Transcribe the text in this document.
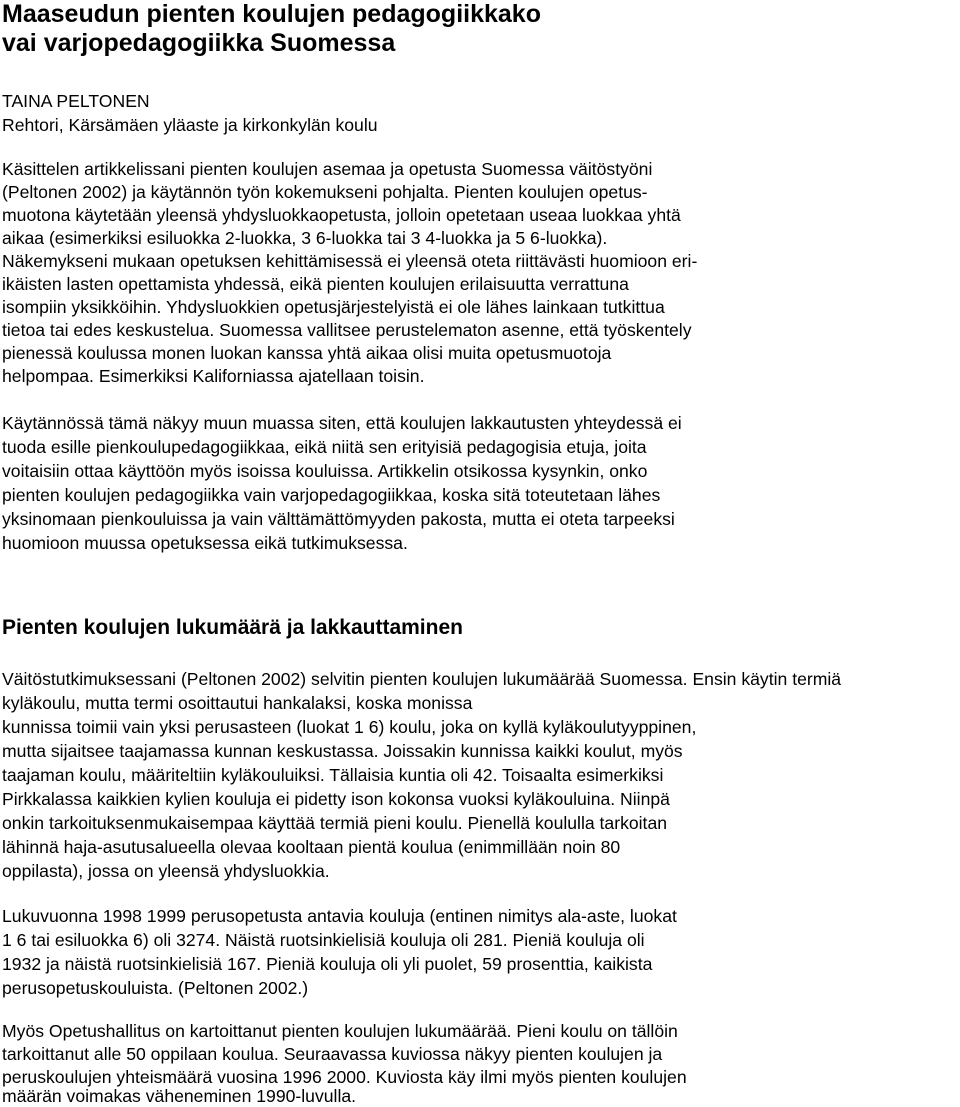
Maaseudun pienten koulujen pedagogiikkako
vai varjopedagogiikka Suomessa

TAINA PELTONEN

Rehtori, Kärsämäen yläaste ja kirkonkylän koulu

Käsittelen artikkelissani pienten koulujen asemaa ja opetusta Suomessa väitöstyöni

(Peltonen 2002) ja käytännön työn kokemukseni pohjalta. Pienten koulujen opetus-

muotona käytetään yleensä yhdysluokkaopetusta, jolloin opetetaan useaa luokkaa yhtä

aikaa (esimerkiksi esiluokka 2-luokka, 3 6-luokka tai 3 4-luokka ja 5 6-luokka).

Näkemykseni mukaan opetuksen kehittämisessä ei yleensä oteta riittävästi huomioon eri-

ikäisten lasten opettamista yhdessä, eikä pienten koulujen erilaisuutta verrattuna

isompiin yksikköihin. Yhdysluokkien opetusjärjestelyistä ei ole lähes lainkaan tutkittua

tietoa tai edes keskustelua. Suomessa vallitsee perustelematon asenne, että työskentely

pienessä koulussa monen luokan kanssa yhtä aikaa olisi muita opetusmuotoja

helpompaa. Esimerkiksi Kaliforniassa ajatellaan toisin.

Käytännössä tämä näkyy muun muassa siten, että koulujen lakkautusten yhteydessä ei

tuoda esille pienkoulupedagogiikkaa, eikä niitä sen erityisiä pedagogisia etuja, joita

voitaisiin ottaa käyttöön myös isoissa kouluissa. Artikkelin otsikossa kysynkin, onko

pienten koulujen pedagogiikka vain varjopedagogiikkaa, koska sitä toteutetaan lähes

yksinomaan pienkouluissa ja vain välttämättömyyden pakosta, mutta ei oteta tarpeeksi

huomioon muussa opetuksessa eikä tutkimuksessa.

Pienten koulujen lukumäärä ja lakkauttaminen

Väitöstutkimuksessani (Peltonen 2002) selvitin pienten koulujen lukumäärää Suomessa. Ensin käytin termiä

kyläkoulu, mutta termi osoittautui hankalaksi, koska monissa

kunnissa toimii vain yksi perusasteen (luokat 1 6) koulu, joka on kyllä kyläkoulutyyppinen,

mutta sijaitsee taajamassa kunnan keskustassa. Joissakin kunnissa kaikki koulut, myös

taajaman koulu, määriteltiin kyläkouluiksi. Tällaisia kuntia oli 42. Toisaalta esimerkiksi

Pirkkalassa kaikkien kylien kouluja ei pidetty ison kokonsa vuoksi kyläkouluina. Niinpä

onkin tarkoituksenmukaisempaa käyttää termiä pieni koulu. Pienellä koululla tarkoitan

lähinnä haja-asutusalueella olevaa kooltaan pientä koulua (enimmillään noin 80

oppilasta), jossa on yleensä yhdysluokkia.

Lukuvuonna 1998 1999 perusopetusta antavia kouluja (entinen nimitys ala-aste, luokat

1 6 tai esiluokka 6) oli 3274. Näistä ruotsinkielisiä kouluja oli 281. Pieniä kouluja oli

1932 ja näistä ruotsinkielisiä 167. Pieniä kouluja oli yli puolet, 59 prosenttia, kaikista

perusopetuskouluista. (Peltonen 2002.)

Myös Opetushallitus on kartoittanut pienten koulujen lukumäärää. Pieni koulu on tällöin

tarkoittanut alle 50 oppilaan koulua. Seuraavassa kuviossa näkyy pienten koulujen ja

peruskoulujen yhteismäärä vuosina 1996 2000. Kuviosta käy ilmi myös pienten koulujen

määrän voimakas väheneminen 1990-luvulla.
